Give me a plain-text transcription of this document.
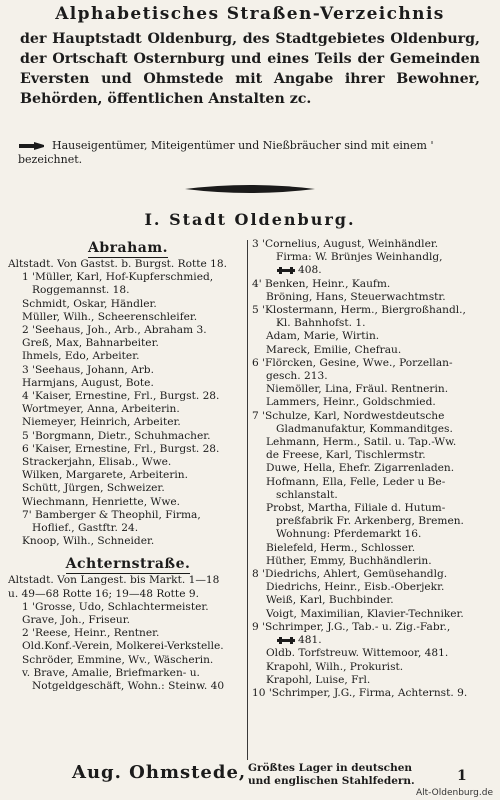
Alphabetisches Straßen-Verzeichnis
der Hauptstadt Oldenburg, des Stadtgebietes Oldenburg, der Ortschaft Osternburg und eines Teils der Gemeinden Eversten und Ohmstede mit Angabe ihrer Bewohner, Behörden, öffentlichen Anstalten zc.
Hauseigentümer, Miteigentümer und Nießbräucher sind mit einem ' bezeichnet.
I. Stadt Oldenburg.
Abraham.
Altstadt. Von Gastst. b. Burgst. Rotte 18.
1 'Müller, Karl, Hof-Kupferschmied,
Roggemannst. 18.
Schmidt, Oskar, Händler.
Müller, Wilh., Scheerenschleifer.
2 'Seehaus, Joh., Arb., Abraham 3.
Greß, Max, Bahnarbeiter.
Ihmels, Edo, Arbeiter.
3 'Seehaus, Johann, Arb.
Harmjans, August, Bote.
4 'Kaiser, Ernestine, Frl., Burgst. 28.
Wortmeyer, Anna, Arbeiterin.
Niemeyer, Heinrich, Arbeiter.
5 'Borgmann, Dietr., Schuhmacher.
6 'Kaiser, Ernestine, Frl., Burgst. 28.
Strackerjahn, Elisab., Wwe.
Wilken, Margarete, Arbeiterin.
Schütt, Jürgen, Schweizer.
Wiechmann, Henriette, Wwe.
7' Bamberger & Theophil, Firma,
Hoflief., Gastftr. 24.
Knoop, Wilh., Schneider.
Achternstraße.
Altstadt. Von Langest. bis Markt. 1—18
u. 49—68 Rotte 16; 19—48 Rotte 9.
1 'Grosse, Udo, Schlachtermeister.
Grave, Joh., Friseur.
2 'Reese, Heinr., Rentner.
Old.Konf.-Verein, Molkerei-Verkstelle.
Schröder, Emmine, Wv., Wäscherin.
v. Brave, Amalie, Briefmarken- u.
Notgeldgeschäft, Wohn.: Steinw. 40
3 'Cornelius, August, Weinhändler.
Firma: W. Brünjes Weinhandlg,
408.
4' Benken, Heinr., Kaufm.
Bröning, Hans, Steuerwachtmstr.
5 'Klostermann, Herm., Biergroßhandl.,
Kl. Bahnhofst. 1.
Adam, Marie, Wirtin.
Mareck, Emilie, Chefrau.
6 'Flörcken, Gesine, Wwe., Porzellan-
gesch. 213.
Niemöller, Lina, Fräul. Rentnerin.
Lammers, Heinr., Goldschmied.
7 'Schulze, Karl, Nordwestdeutsche
Gladmanufaktur, Kommanditges.
Lehmann, Herm., Satil. u. Tap.-Ww.
de Freese, Karl, Tischlermstr.
Duwe, Hella, Ehefr. Zigarrenladen.
Hofmann, Ella, Felle, Leder u Be-
schlanstalt.
Probst, Martha, Filiale d. Hutum-
preßfabrik Fr. Arkenberg, Bremen.
Wohnung: Pferdemarkt 16.
Bielefeld, Herm., Schlosser.
Hüther, Emmy, Buchhändlerin.
8 'Diedrichs, Ahlert, Gemüsehandlg.
Diedrichs, Heinr., Eisb.-Oberjekr.
Weiß, Karl, Buchbinder.
Voigt, Maximilian, Klavier-Techniker.
9 'Schrimper, J.G., Tab.- u. Zig.-Fabr.,
481.
Oldb. Torfstreuw. Wittemoor, 481.
Krapohl, Wilh., Prokurist.
Krapohl, Luise, Frl.
10 'Schrimper, J.G., Firma, Achternst. 9.
Aug. Ohmstede, Größtes Lager in deutschen
und englischen Stahlfedern.	1
Alt-Oldenburg.de
